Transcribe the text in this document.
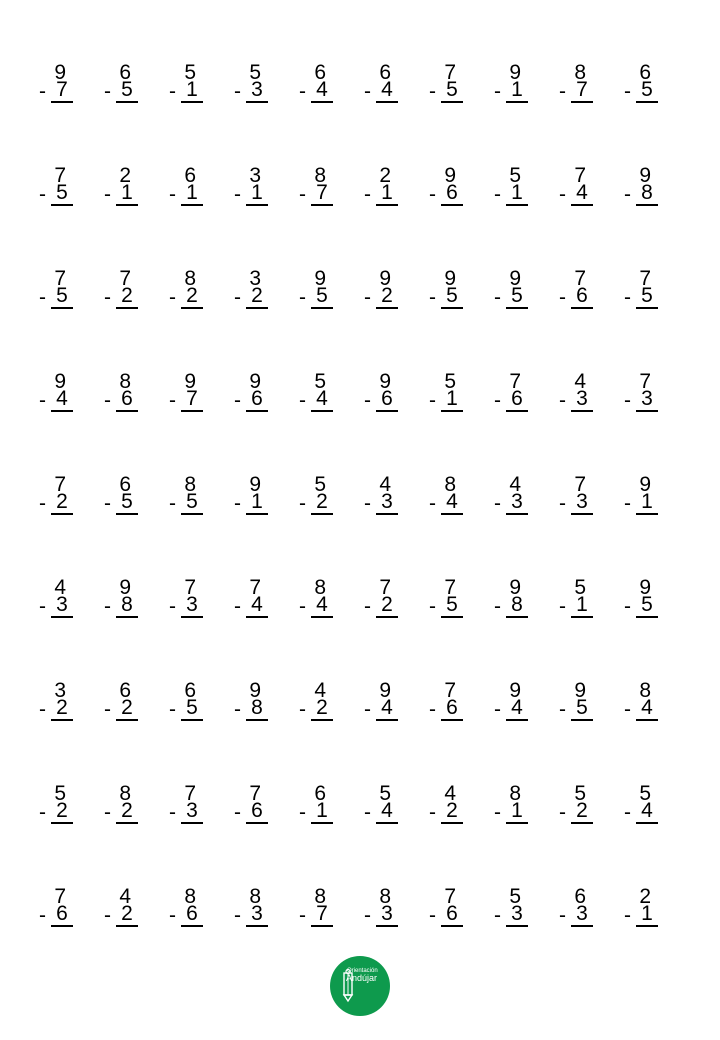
9
- 7
6
- 5
5
- 1
5
- 3
6
- 4
6
- 4
7
- 5
9
- 1
8
- 7
6
- 5
7
- 5
2
- 1
6
- 1
3
- 1
8
- 7
2
- 1
9
- 6
5
- 1
7
- 4
9
- 8
7
- 5
7
- 2
8
- 2
3
- 2
9
- 5
9
- 2
9
- 5
9
- 5
7
- 6
7
- 5
9
- 4
8
- 6
9
- 7
9
- 6
5
- 4
9
- 6
5
- 1
7
- 6
4
- 3
7
- 3
7
- 2
6
- 5
8
- 5
9
- 1
5
- 2
4
- 3
8
- 4
4
- 3
7
- 3
9
- 1
4
- 3
9
- 8
7
- 3
7
- 4
8
- 4
7
- 2
7
- 5
9
- 8
5
- 1
9
- 5
3
- 2
6
- 2
6
- 5
9
- 8
4
- 2
9
- 4
7
- 6
9
- 4
9
- 5
8
- 4
5
- 2
8
- 2
7
- 3
7
- 6
6
- 1
5
- 4
4
- 2
8
- 1
5
- 2
5
- 4
7
- 6
4
- 2
8
- 6
8
- 3
8
- 7
8
- 3
7
- 6
5
- 3
6
- 3
2
- 1
Orientación
Andújar
